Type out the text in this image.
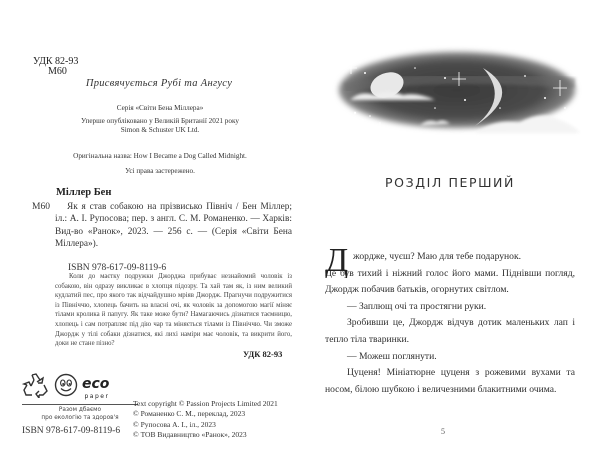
УДК 82-93
М60
Присвячується Рубі та Ангусу
Серія «Світи Бена Міллера»
Уперше опубліковано у Великій Британії 2021 року
Simon & Schuster UK Ltd.
Оригінальна назва: How I Became a Dog Called Midnight.
Усі права застережено.
Міллер Бен
М60	Як я став собакою на прізвисько Північ / Бен Міллер; іл.: А. І. Рупосова; пер. з англ. С. М. Романенко. — Харків: Вид-во «Ранок», 2023. — 256 с. — (Серія «Світи Бена Міллера»).
ISBN 978-617-09-8119-6
Коли до маєтку подружки Джорджа прибуває незнайомий чоловік із собакою, він одразу викликає в хлопця підозру. Та хай там як, із ним великий кудлатий пес, про якого так відчайдушно мріяв Джордж. Прагнучи подружитися із Північчю, хлопець бачить на власні очі, як чоловік за допомогою магії міняє тілами кролика й папугу. Як таке може бути? Намагаючись дізнатися таємницю, хлопець і сам потрапляє під дію чар та міняється тілами із Північчю. Чи зможе Джордж у тілі собаки дізнатися, які лихі наміри має чоловік, та викрити його, доки не стане пізно?
УДК 82-93
eco
paper
Разом дбаємо
про екологію та здоров'я
ISBN 978-617-09-8119-6
Text copyright © Passion Projects Limited 2021
© Романенко С. М., переклад, 2023
© Рупосова А. І., іл., 2023
© ТОВ Видавництво «Ранок», 2023
РОЗДІЛ ПЕРШИЙ

Д жордже, чуєш? Маю для тебе подарунок.

Це був тихий і ніжний голос його мами. Піднівши погляд, Джордж побачив батьків, огорнутих світлом.

— Заплющ очі та простягни руки.

Зробивши це, Джордж відчув дотик маленьких лап і тепло тіла тваринки.

— Можеш поглянути.

Цуценя! Мініатюрне цуценя з рожевими вухами та носом, білою шубкою і величезними блакитними очима.

5
